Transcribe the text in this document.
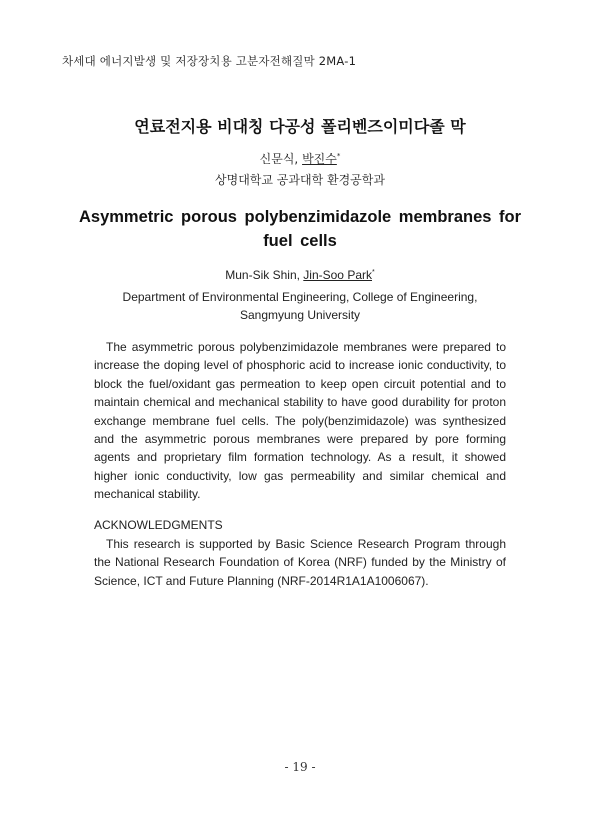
차세대 에너지발생 및 저장장치용 고분자전해질막 2MA-1
연료전지용 비대칭 다공성 폴리벤즈이미다졸 막
신문식, 박진수*
상명대학교 공과대학 환경공학과
Asymmetric porous polybenzimidazole membranes for
fuel cells
Mun-Sik Shin, Jin-Soo Park*
Department of Environmental Engineering, College of Engineering,
Sangmyung University

The asymmetric porous polybenzimidazole membranes were prepared to increase the doping level of phosphoric acid to increase ionic conductivity, to block the fuel/oxidant gas permeation to keep open circuit potential and to maintain chemical and mechanical stability to have good durability for proton exchange membrane fuel cells. The poly(benzimidazole) was synthesized and the asymmetric porous membranes were prepared by pore forming agents and proprietary film formation technology. As a result, it showed higher ionic conductivity, low gas permeability and similar chemical and mechanical stability.

ACKNOWLEDGMENTS

This research is supported by Basic Science Research Program through the National Research Foundation of Korea (NRF) funded by the Ministry of Science, ICT and Future Planning (NRF-2014R1A1A1006067).

- 19 -
